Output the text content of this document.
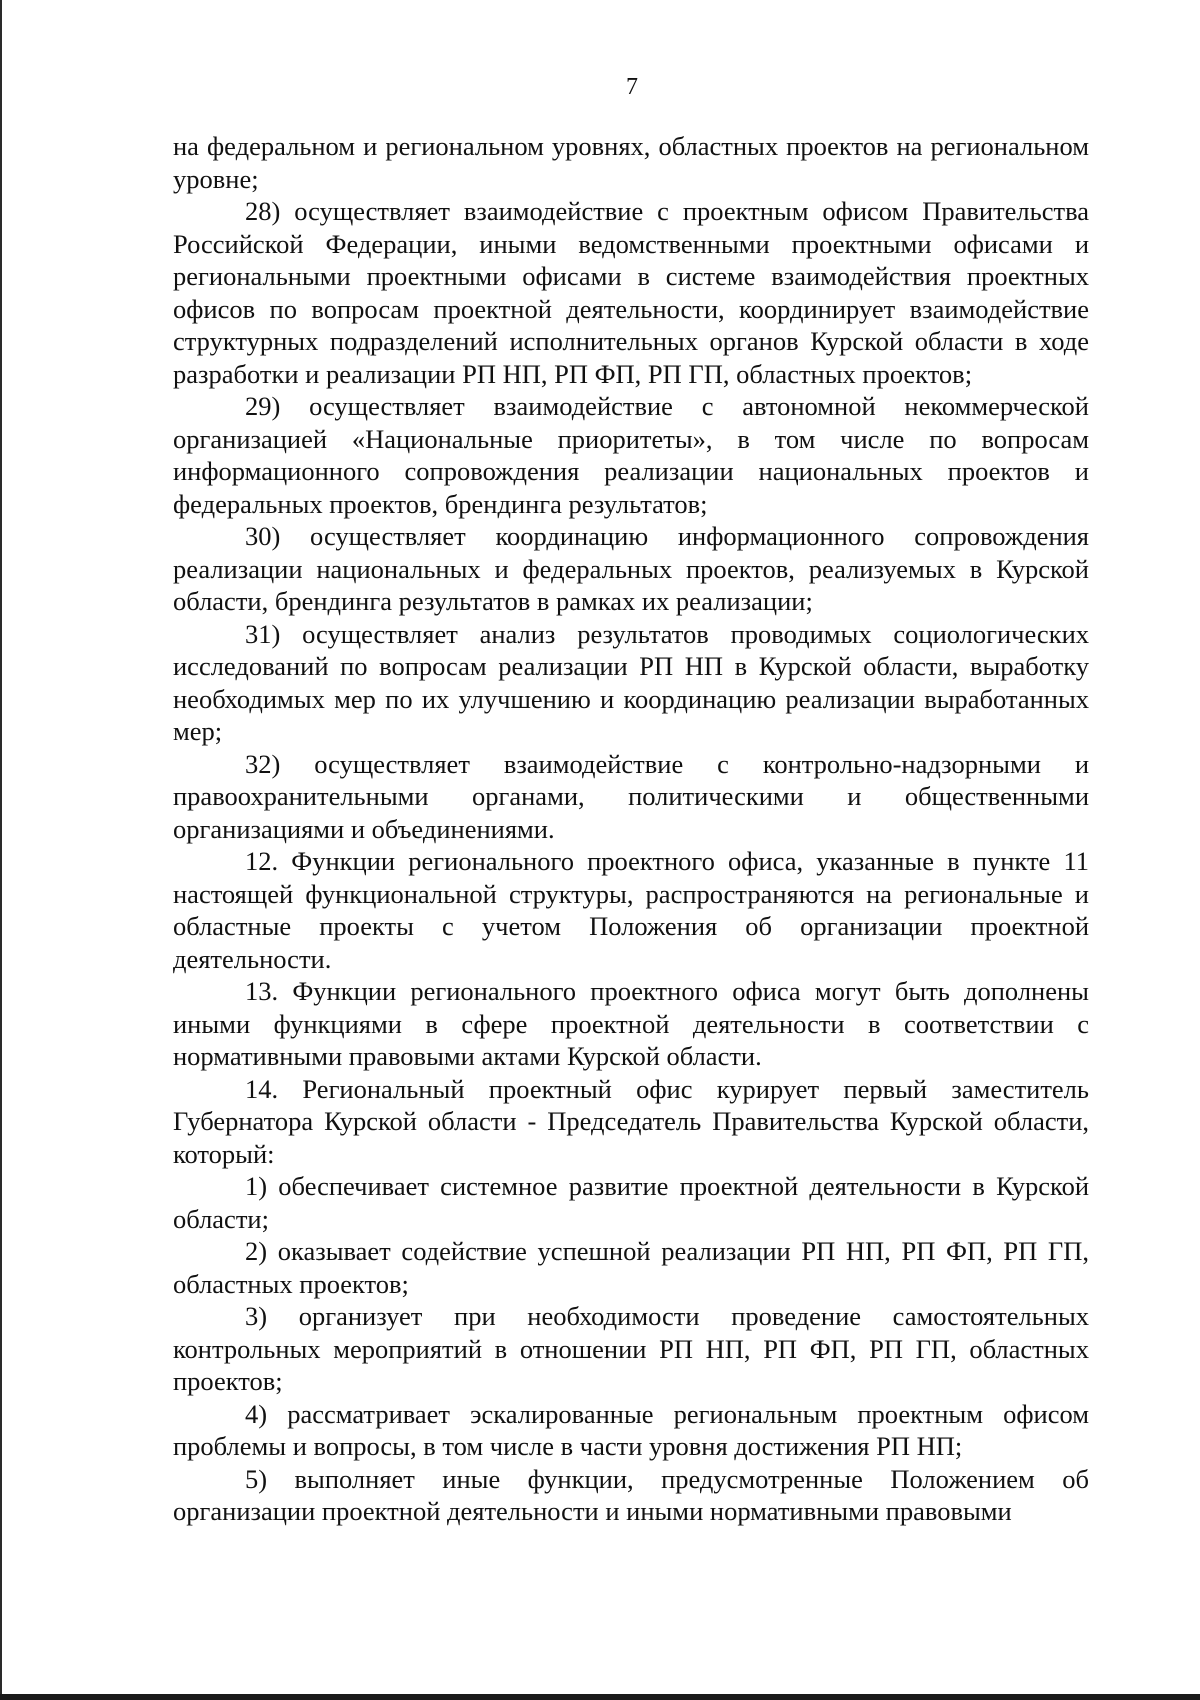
7

на федеральном и региональном уровнях, областных проектов на региональном уровне;

28) осуществляет взаимодействие с проектным офисом Правительства Российской Федерации, иными ведомственными проектными офисами и региональными проектными офисами в системе взаимодействия проектных офисов по вопросам проектной деятельности, координирует взаимодействие структурных подразделений исполнительных органов Курской области в ходе разработки и реализации РП НП, РП ФП, РП ГП, областных проектов;

29) осуществляет взаимодействие с автономной некоммерческой организацией «Национальные приоритеты», в том числе по вопросам информационного сопровождения реализации национальных проектов и федеральных проектов, брендинга результатов;

30) осуществляет координацию информационного сопровождения реализации национальных и федеральных проектов, реализуемых в Курской области, брендинга результатов в рамках их реализации;

31) осуществляет анализ результатов проводимых социологических исследований по вопросам реализации РП НП в Курской области, выработку необходимых мер по их улучшению и координацию реализации выработанных мер;

32) осуществляет взаимодействие с контрольно-надзорными и правоохранительными органами, политическими и общественными организациями и объединениями.

12. Функции регионального проектного офиса, указанные в пункте 11 настоящей функциональной структуры, распространяются на региональные и областные проекты с учетом Положения об организации проектной деятельности.

13. Функции регионального проектного офиса могут быть дополнены иными функциями в сфере проектной деятельности в соответствии с нормативными правовыми актами Курской области.

14. Региональный проектный офис курирует первый заместитель Губернатора Курской области - Председатель Правительства Курской области, который:

1) обеспечивает системное развитие проектной деятельности в Курской области;

2) оказывает содействие успешной реализации РП НП, РП ФП, РП ГП, областных проектов;

3) организует при необходимости проведение самостоятельных контрольных мероприятий в отношении РП НП, РП ФП, РП ГП, областных проектов;

4) рассматривает эскалированные региональным проектным офисом проблемы и вопросы, в том числе в части уровня достижения РП НП;

5) выполняет иные функции, предусмотренные Положением об организации проектной деятельности и иными нормативными правовыми
